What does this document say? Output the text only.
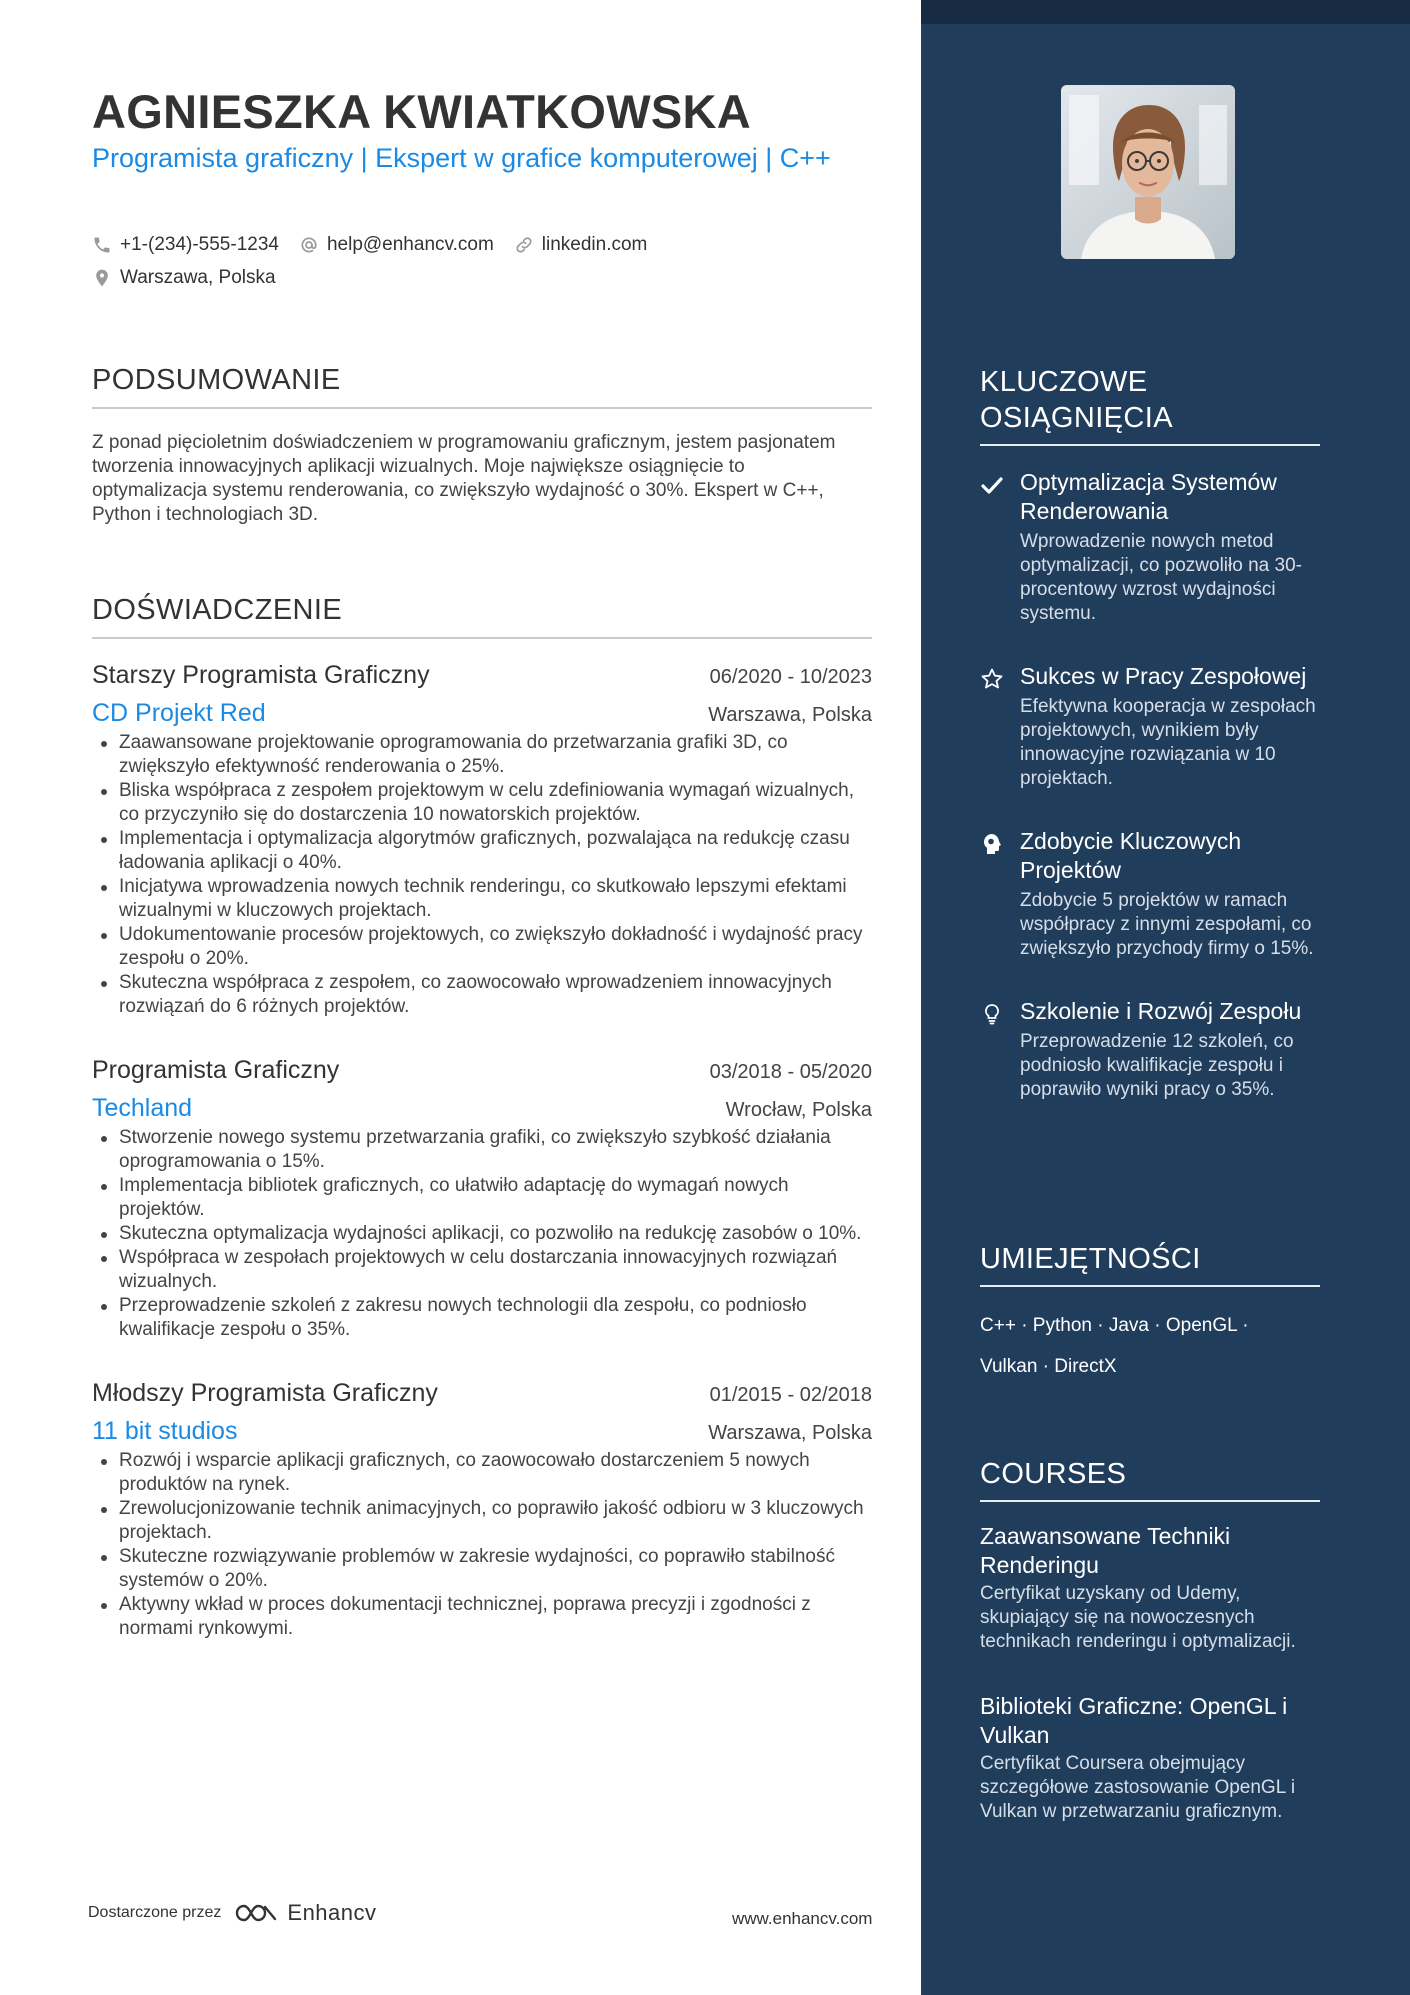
AGNIESZKA KWIATKOWSKA
Programista graficzny | Ekspert w grafice komputerowej | C++
+1-(234)-555-1234	help@enhancv.com	linkedin.com
Warszawa, Polska
PODSUMOWANIE
Z ponad pięcioletnim doświadczeniem w programowaniu graficznym, jestem pasjonatem tworzenia innowacyjnych aplikacji wizualnych. Moje największe osiągnięcie to optymalizacja systemu renderowania, co zwiększyło wydajność o 30%. Ekspert w C++, Python i technologiach 3D.
DOŚWIADCZENIE
Starszy Programista Graficzny	06/2020 - 10/2023
CD Projekt Red	Warszawa, Polska
Zaawansowane projektowanie oprogramowania do przetwarzania grafiki 3D, co zwiększyło efektywność renderowania o 25%.
Bliska współpraca z zespołem projektowym w celu zdefiniowania wymagań wizualnych, co przyczyniło się do dostarczenia 10 nowatorskich projektów.
Implementacja i optymalizacja algorytmów graficznych, pozwalająca na redukcję czasu ładowania aplikacji o 40%.
Inicjatywa wprowadzenia nowych technik renderingu, co skutkowało lepszymi efektami wizualnymi w kluczowych projektach.
Udokumentowanie procesów projektowych, co zwiększyło dokładność i wydajność pracy zespołu o 20%.
Skuteczna współpraca z zespołem, co zaowocowało wprowadzeniem innowacyjnych rozwiązań do 6 różnych projektów.
Programista Graficzny	03/2018 - 05/2020
Techland	Wrocław, Polska
Stworzenie nowego systemu przetwarzania grafiki, co zwiększyło szybkość działania oprogramowania o 15%.
Implementacja bibliotek graficznych, co ułatwiło adaptację do wymagań nowych projektów.
Skuteczna optymalizacja wydajności aplikacji, co pozwoliło na redukcję zasobów o 10%.
Współpraca w zespołach projektowych w celu dostarczania innowacyjnych rozwiązań wizualnych.
Przeprowadzenie szkoleń z zakresu nowych technologii dla zespołu, co podniosło kwalifikacje zespołu o 35%.
Młodszy Programista Graficzny	01/2015 - 02/2018
11 bit studios	Warszawa, Polska
Rozwój i wsparcie aplikacji graficznych, co zaowocowało dostarczeniem 5 nowych produktów na rynek.
Zrewolucjonizowanie technik animacyjnych, co poprawiło jakość odbioru w 3 kluczowych projektach.
Skuteczne rozwiązywanie problemów w zakresie wydajności, co poprawiło stabilność systemów o 20%.
Aktywny wkład w proces dokumentacji technicznej, poprawa precyzji i zgodności z normami rynkowymi.
Dostarczone przez	Enhancv	www.enhancv.com
KLUCZOWE OSIĄGNIĘCIA
Optymalizacja Systemów Renderowania
Wprowadzenie nowych metod optymalizacji, co pozwoliło na 30-procentowy wzrost wydajności systemu.
Sukces w Pracy Zespołowej
Efektywna kooperacja w zespołach projektowych, wynikiem były innowacyjne rozwiązania w 10 projektach.
Zdobycie Kluczowych Projektów
Zdobycie 5 projektów w ramach współpracy z innymi zespołami, co zwiększyło przychody firmy o 15%.
Szkolenie i Rozwój Zespołu
Przeprowadzenie 12 szkoleń, co podniosło kwalifikacje zespołu i poprawiło wyniki pracy o 35%.
UMIEJĘTNOŚCI
C++ · Python · Java · OpenGL · Vulkan · DirectX
COURSES
Zaawansowane Techniki Renderingu
Certyfikat uzyskany od Udemy, skupiający się na nowoczesnych technikach renderingu i optymalizacji.
Biblioteki Graficzne: OpenGL i Vulkan
Certyfikat Coursera obejmujący szczegółowe zastosowanie OpenGL i Vulkan w przetwarzaniu graficznym.
